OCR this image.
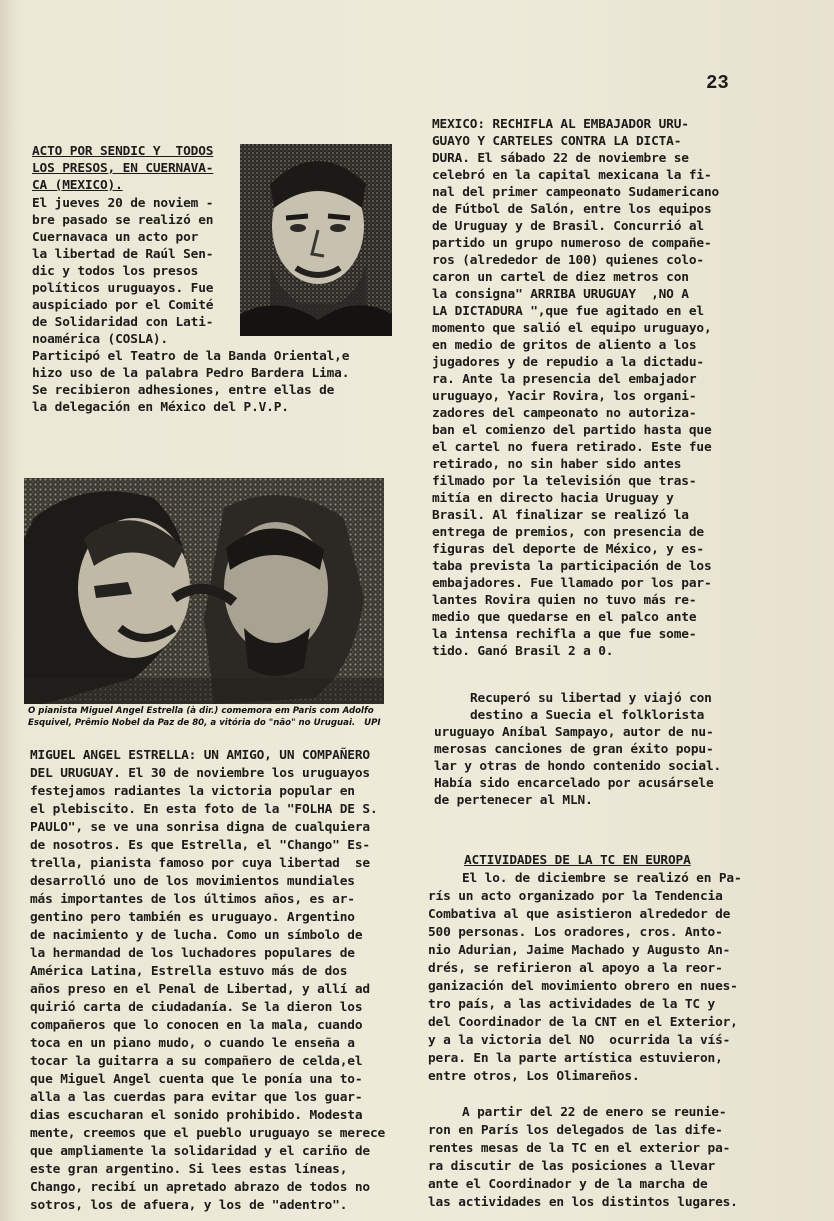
23
ACTO POR SENDIC Y  TODOS
LOS PRESOS, EN CUERNAVA-
CA (MEXICO).
El jueves 20 de noviem -
bre pasado se realizó en
Cuernavaca un acto por
la libertad de Raúl Sen-
dic y todos los presos
políticos uruguayos. Fue
auspiciado por el Comité
de Solidaridad con Lati-
noamérica (COSLA).
Participó el Teatro de la Banda Oriental,e
hizo uso de la palabra Pedro Bardera Lima.
Se recibieron adhesiones, entre ellas de
la delegación en México del P.V.P.
O pianista Miguel Angel Estrella (à dir.) comemora em Paris com Adolfo
Esquivel, Prêmio Nobel da Paz de 80, a vitória do "não" no Uruguai.   UPI
MIGUEL ANGEL ESTRELLA: UN AMIGO, UN COMPAÑERO
DEL URUGUAY. El 30 de noviembre los uruguayos
festejamos radiantes la victoria popular en
el plebiscito. En esta foto de la "FOLHA DE S.
PAULO", se ve una sonrisa digna de cualquiera
de nosotros. Es que Estrella, el "Chango" Es-
trella, pianista famoso por cuya libertad  se
desarrolló uno de los movimientos mundiales
más importantes de los últimos años, es ar-
gentino pero también es uruguayo. Argentino
de nacimiento y de lucha. Como un símbolo de
la hermandad de los luchadores populares de
América Latina, Estrella estuvo más de dos
años preso en el Penal de Libertad, y allí ad
quirió carta de ciudadanía. Se la dieron los
compañeros que lo conocen en la mala, cuando
toca en un piano mudo, o cuando le enseña a
tocar la guitarra a su compañero de celda,el
que Miguel Angel cuenta que le ponía una to-
alla a las cuerdas para evitar que los guar-
dias escucharan el sonido prohibido. Modesta
mente, creemos que el pueblo uruguayo se merece
que ampliamente la solidaridad y el cariño de
este gran argentino. Si lees estas líneas,
Chango, recibí un apretado abrazo de todos no
sotros, los de afuera, y los de "adentro".
MEXICO: RECHIFLA AL EMBAJADOR URU-
GUAYO Y CARTELES CONTRA LA DICTA-
DURA. El sábado 22 de noviembre se
celebró en la capital mexicana la fi-
nal del primer campeonato Sudamericano
de Fútbol de Salón, entre los equipos
de Uruguay y de Brasil. Concurrió al
partido un grupo numeroso de compañe-
ros (alrededor de 100) quienes colo-
caron un cartel de diez metros con
la consigna" ARRIBA URUGUAY  ,NO A
LA DICTADURA ",que fue agitado en el
momento que salió el equipo uruguayo,
en medio de gritos de aliento a los
jugadores y de repudio a la dictadu-
ra. Ante la presencia del embajador
uruguayo, Yacir Rovira, los organi-
zadores del campeonato no autoriza-
ban el comienzo del partido hasta que
el cartel no fuera retirado. Este fue
retirado, no sin haber sido antes
filmado por la televisión que tras-
mitía en directo hacia Uruguay y
Brasil. Al finalizar se realizó la
entrega de premios, con presencia de
figuras del deporte de México, y es-
taba prevista la participación de los
embajadores. Fue llamado por los par-
lantes Rovira quien no tuvo más re-
medio que quedarse en el palco ante
la intensa rechifla a que fue some-
tido. Ganó Brasil 2 a 0.
Recuperó su libertad y viajó con
destino a Suecia el folklorista
uruguayo Aníbal Sampayo, autor de nu-
merosas canciones de gran éxito popu-
lar y otras de hondo contenido social.
Había sido encarcelado por acusársele
de pertenecer al MLN.
ACTIVIDADES DE LA TC EN EUROPA
El lo. de diciembre se realizó en Pa-
rís un acto organizado por la Tendencia
Combativa al que asistieron alrededor de
500 personas. Los oradores, cros. Anto-
nio Adurian, Jaime Machado y Augusto An-
drés, se refirieron al apoyo a la reor-
ganización del movimiento obrero en nues-
tro país, a las actividades de la TC y
del Coordinador de la CNT en el Exterior,
y a la victoria del NO  ocurrida la víś-
pera. En la parte artística estuvieron,
entre otros, Los Olimareños.
A partir del 22 de enero se reunie-
ron en París los delegados de las dife-
rentes mesas de la TC en el exterior pa-
ra discutir de las posiciones a llevar
ante el Coordinador y de la marcha de
las actividades en los distintos lugares.
